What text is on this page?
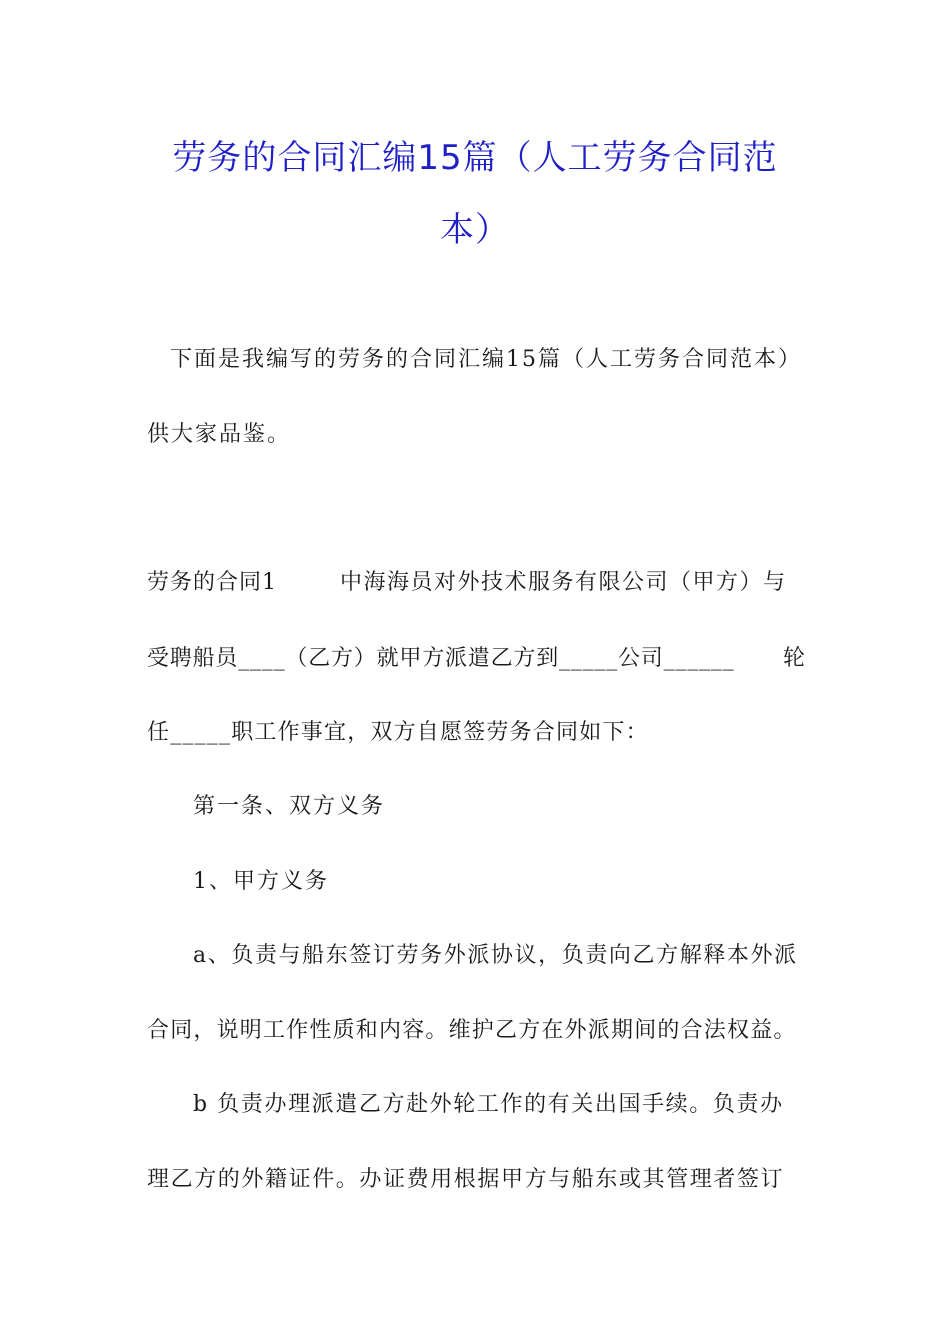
劳务的合同汇编15篇（人工劳务合同范
本）
下面是我编写的劳务的合同汇编15篇（人工劳务合同范本）
供大家品鉴。
劳务的合同1	中海海员对外技术服务有限公司（甲方）与
受聘船员____（乙方）就甲方派遣乙方到_____公司______ 轮
任_____职工作事宜，双方自愿签劳务合同如下：
第一条、双方义务
1、甲方义务
a、负责与船东签订劳务外派协议，负责向乙方解释本外派
合同，说明工作性质和内容。维护乙方在外派期间的合法权益。
b 负责办理派遣乙方赴外轮工作的有关出国手续。负责办
理乙方的外籍证件。办证费用根据甲方与船东或其管理者签订
